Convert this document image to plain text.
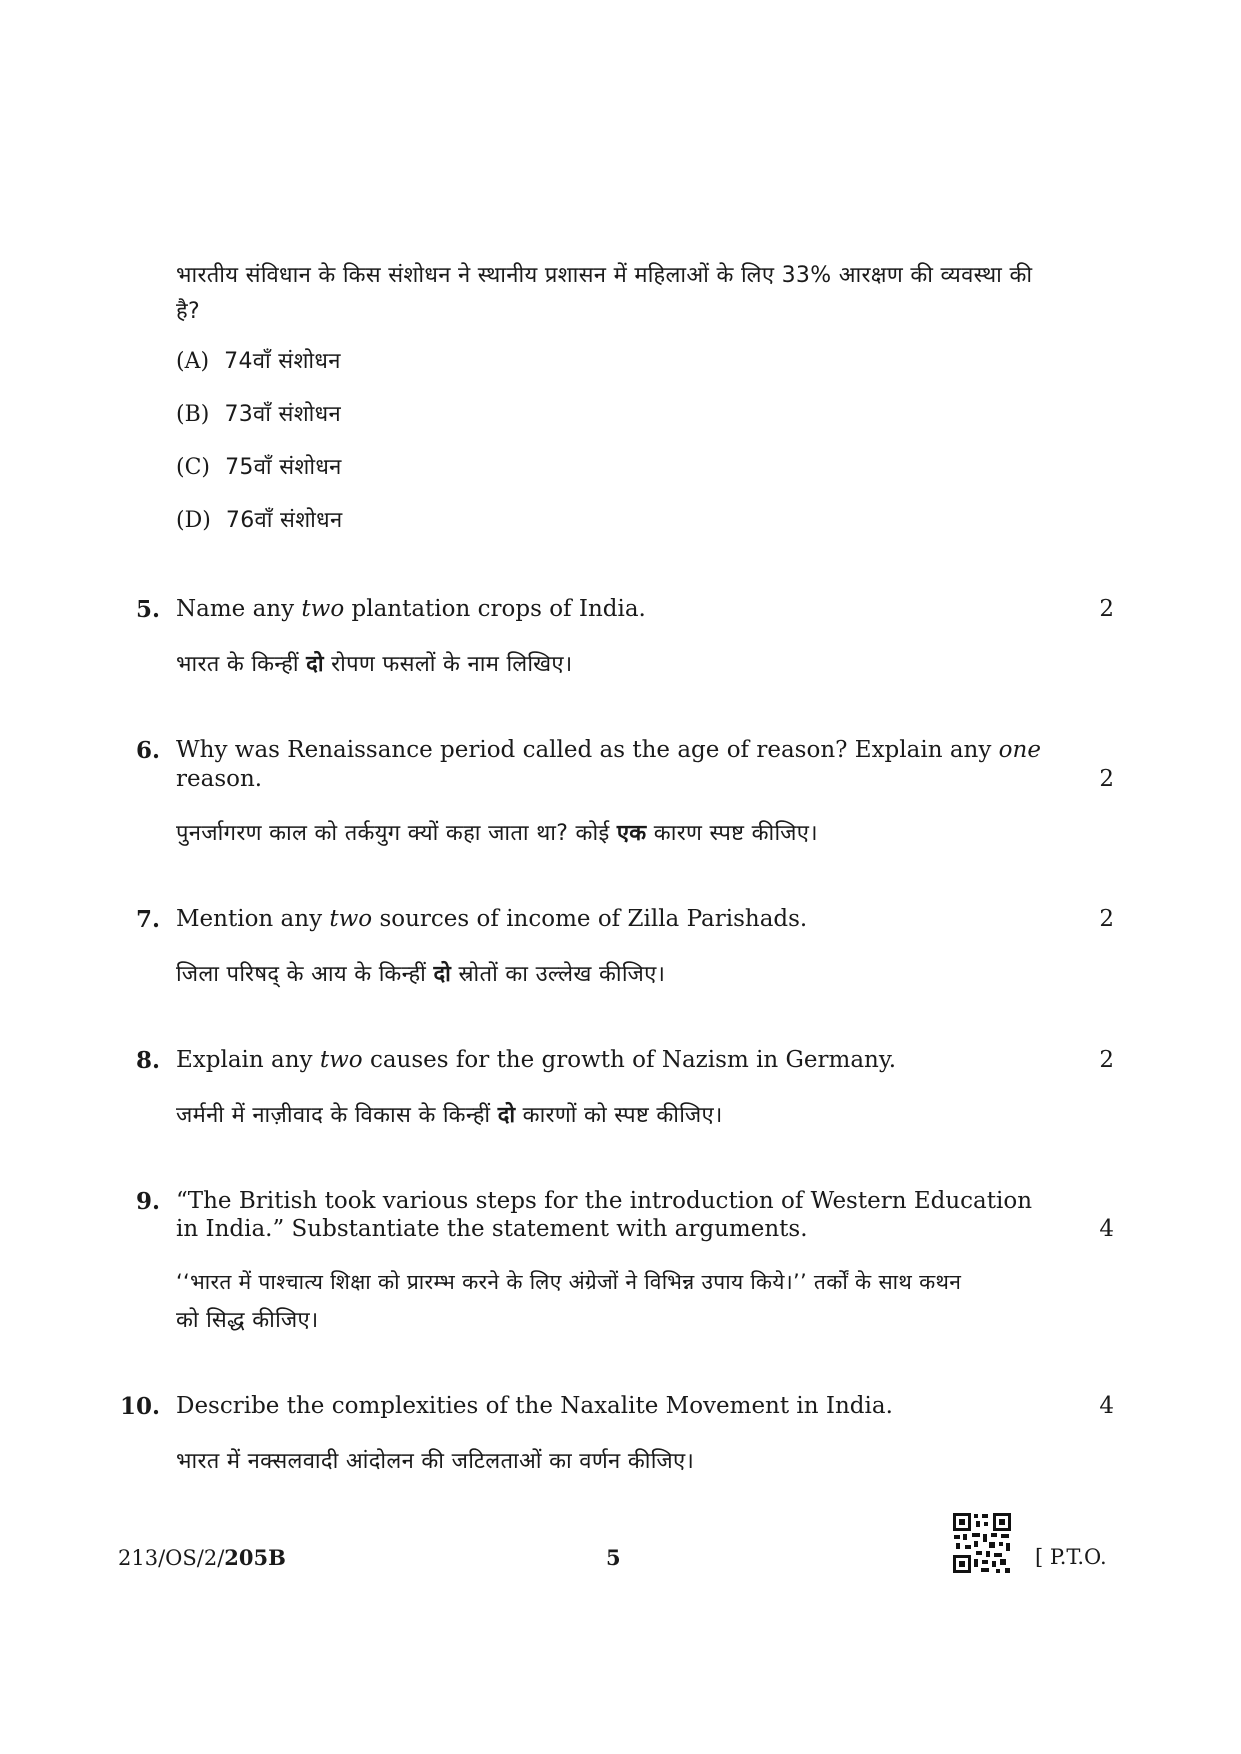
भारतीय संविधान के किस संशोधन ने स्थानीय प्रशासन में महिलाओं के लिए 33% आरक्षण की व्यवस्था की है?
(A) 74वाँ संशोधन
(B) 73वाँ संशोधन
(C) 75वाँ संशोधन
(D) 76वाँ संशोधन
5. Name any two plantation crops of India.	2
भारत के किन्हीं दो रोपण फसलों के नाम लिखिए।
6. Why was Renaissance period called as the age of reason? Explain any one
reason.	2
पुनर्जागरण काल को तर्कयुग क्यों कहा जाता था? कोई एक कारण स्पष्ट कीजिए।
7. Mention any two sources of income of Zilla Parishads.	2
जिला परिषद् के आय के किन्हीं दो स्रोतों का उल्लेख कीजिए।
8. Explain any two causes for the growth of Nazism in Germany.	2
जर्मनी में नाज़ीवाद के विकास के किन्हीं दो कारणों को स्पष्ट कीजिए।
9. “The British took various steps for the introduction of Western Education
in India.” Substantiate the statement with arguments.	4
‘‘भारत में पाश्चात्य शिक्षा को प्रारम्भ करने के लिए अंग्रेजों ने विभिन्न उपाय किये।’’ तर्कों के साथ कथन
को सिद्ध कीजिए।
10. Describe the complexities of the Naxalite Movement in India.	4
भारत में नक्सलवादी आंदोलन की जटिलताओं का वर्णन कीजिए।
213/OS/2/205B	5	[ P.T.O.
